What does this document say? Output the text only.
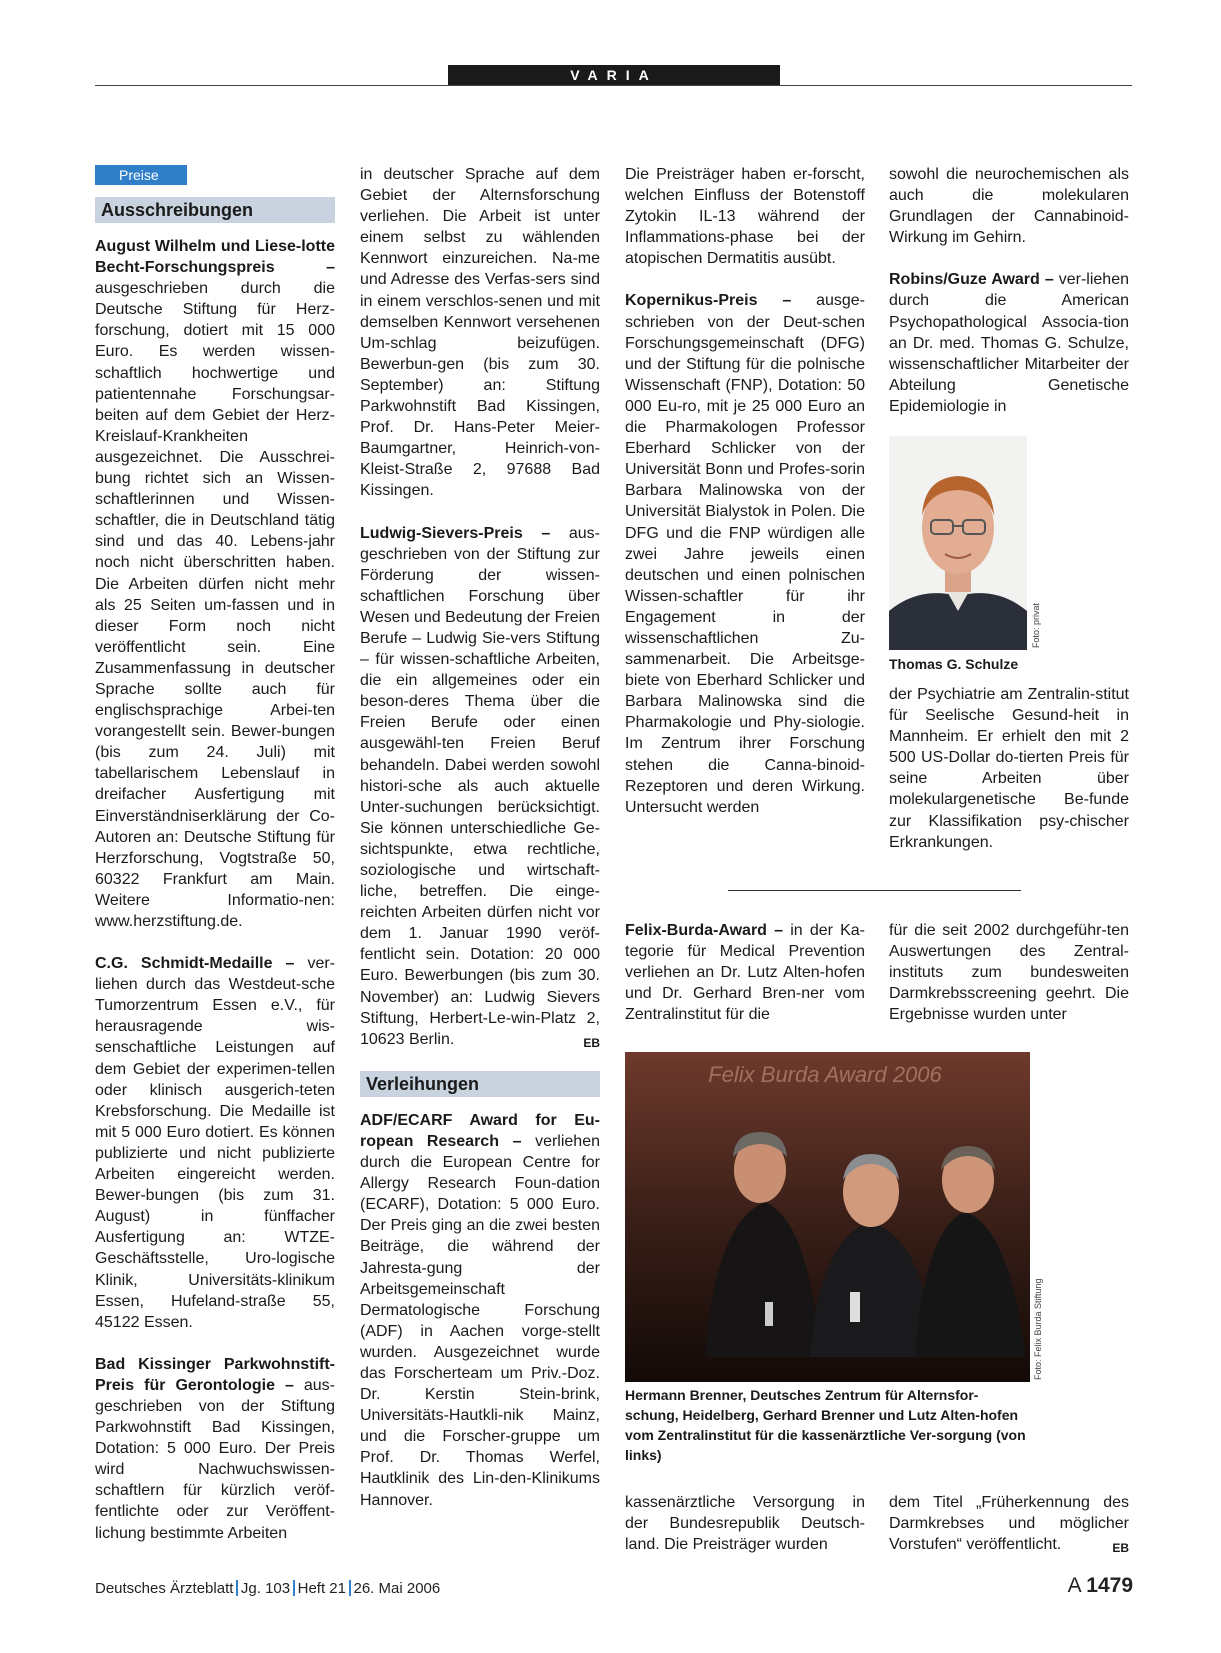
VARIA
Preise
Ausschreibungen

August Wilhelm und Liese-lotte Becht-Forschungspreis – ausgeschrieben durch die Deutsche Stiftung für Herz-forschung, dotiert mit 15 000 Euro. Es werden wissen-schaftlich hochwertige und patientennahe Forschungsar-beiten auf dem Gebiet der Herz-Kreislauf-Krankheiten ausgezeichnet. Die Ausschrei-bung richtet sich an Wissen-schaftlerinnen und Wissen-schaftler, die in Deutschland tätig sind und das 40. Lebens-jahr noch nicht überschritten haben. Die Arbeiten dürfen nicht mehr als 25 Seiten um-fassen und in dieser Form noch nicht veröffentlicht sein. Eine Zusammenfassung in deutscher Sprache sollte auch für englischsprachige Arbei-ten vorangestellt sein. Bewer-bungen (bis zum 24. Juli) mit tabellarischem Lebenslauf in dreifacher Ausfertigung mit Einverständniserklärung der Co-Autoren an: Deutsche Stiftung für Herzforschung, Vogtstraße 50, 60322 Frankfurt am Main. Weitere Informatio-nen: www.herzstiftung.de.

C.G. Schmidt-Medaille – ver-liehen durch das Westdeut-sche Tumorzentrum Essen e.V., für herausragende wis-senschaftliche Leistungen auf dem Gebiet der experimen-tellen oder klinisch ausgerich-teten Krebsforschung. Die Medaille ist mit 5 000 Euro dotiert. Es können publizierte und nicht publizierte Arbeiten eingereicht werden. Bewer-bungen (bis zum 31. August) in fünffacher Ausfertigung an: WTZE-Geschäftsstelle, Uro-logische Klinik, Universitäts-klinikum Essen, Hufeland-straße 55, 45122 Essen.

Bad Kissinger Parkwohnstift-Preis für Gerontologie – aus-geschrieben von der Stiftung Parkwohnstift Bad Kissingen, Dotation: 5 000 Euro. Der Preis wird Nachwuchswissen-schaftlern für kürzlich veröf-fentlichte oder zur Veröffent-lichung bestimmte Arbeiten

in deutscher Sprache auf dem Gebiet der Alternsforschung verliehen. Die Arbeit ist unter einem selbst zu wählenden Kennwort einzureichen. Na-me und Adresse des Verfas-sers sind in einem verschlos-senen und mit demselben Kennwort versehenen Um-schlag beizufügen. Bewerbun-gen (bis zum 30. September) an: Stiftung Parkwohnstift Bad Kissingen, Prof. Dr. Hans-Peter Meier-Baumgartner, Heinrich-von-Kleist-Straße 2, 97688 Bad Kissingen.

Ludwig-Sievers-Preis – aus-geschrieben von der Stiftung zur Förderung der wissen-schaftlichen Forschung über Wesen und Bedeutung der Freien Berufe – Ludwig Sie-vers Stiftung – für wissen-schaftliche Arbeiten, die ein allgemeines oder ein beson-deres Thema über die Freien Berufe oder einen ausgewähl-ten Freien Beruf behandeln. Dabei werden sowohl histori-sche als auch aktuelle Unter-suchungen berücksichtigt. Sie können unterschiedliche Ge-sichtspunkte, etwa rechtliche, soziologische und wirtschaft-liche, betreffen. Die einge-reichten Arbeiten dürfen nicht vor dem 1. Januar 1990 veröf-fentlicht sein. Dotation: 20 000 Euro. Bewerbungen (bis zum 30. November) an: Ludwig Sievers Stiftung, Herbert-Le-win-Platz 2, 10623 Berlin.	EB

Verleihungen

ADF/ECARF Award for Eu-ropean Research – verliehen durch die European Centre for Allergy Research Foun-dation (ECARF), Dotation: 5 000 Euro. Der Preis ging an die zwei besten Beiträge, die während der Jahresta-gung der Arbeitsgemeinschaft Dermatologische Forschung (ADF) in Aachen vorge-stellt wurden. Ausgezeichnet wurde das Forscherteam um Priv.-Doz. Dr. Kerstin Stein-brink, Universitäts-Hautkli-nik Mainz, und die Forscher-gruppe um Prof. Dr. Thomas Werfel, Hautklinik des Lin-den-Klinikums Hannover.

Die Preisträger haben er-forscht, welchen Einfluss der Botenstoff Zytokin IL-13 während der Inflammations-phase bei der atopischen Dermatitis ausübt.

Kopernikus-Preis – ausge-schrieben von der Deut-schen Forschungsgemeinschaft (DFG) und der Stiftung für die polnische Wissenschaft (FNP), Dotation: 50 000 Eu-ro, mit je 25 000 Euro an die Pharmakologen Professor Eberhard Schlicker von der Universität Bonn und Profes-sorin Barbara Malinowska von der Universität Bialystok in Polen. Die DFG und die FNP würdigen alle zwei Jahre jeweils einen deutschen und einen polnischen Wissen-schaftler für ihr Engagement in der wissenschaftlichen Zu-sammenarbeit. Die Arbeitsge-biete von Eberhard Schlicker und Barbara Malinowska sind die Pharmakologie und Phy-siologie. Im Zentrum ihrer Forschung stehen die Canna-binoid-Rezeptoren und deren Wirkung. Untersucht werden

sowohl die neurochemischen als auch die molekularen Grundlagen der Cannabinoid-Wirkung im Gehirn.

Robins/Guze Award – ver-liehen durch die American Psychopathological Associa-tion an Dr. med. Thomas G. Schulze, wissenschaftlicher Mitarbeiter der Abteilung Genetische Epidemiologie in

Foto: privat
Thomas G. Schulze

der Psychiatrie am Zentralin-stitut für Seelische Gesund-heit in Mannheim. Er erhielt den mit 2 500 US-Dollar do-tierten Preis für seine Arbeiten über molekulargenetische Be-funde zur Klassifikation psy-chischer Erkrankungen.

Felix-Burda-Award – in der Ka-tegorie für Medical Prevention verliehen an Dr. Lutz Alten-hofen und Dr. Gerhard Bren-ner vom Zentralinstitut für die

für die seit 2002 durchgeführ-ten Auswertungen des Zentral-instituts zum bundesweiten Darmkrebsscreening geehrt. Die Ergebnisse wurden unter

Felix Burda Award 2006
Foto: Felix Burda Stiftung
Hermann Brenner, Deutsches Zentrum für Alternsfor-schung, Heidelberg, Gerhard Brenner und Lutz Alten-hofen vom Zentralinstitut für die kassenärztliche Ver-sorgung (von links)

kassenärztliche Versorgung in der Bundesrepublik Deutsch-land. Die Preisträger wurden

dem Titel „Früherkennung des Darmkrebses und möglicher Vorstufen“ veröffentlicht.	EB

Deutsches Ärzteblatt Jg. 103 Heft 21 26. Mai 2006	A 1479
